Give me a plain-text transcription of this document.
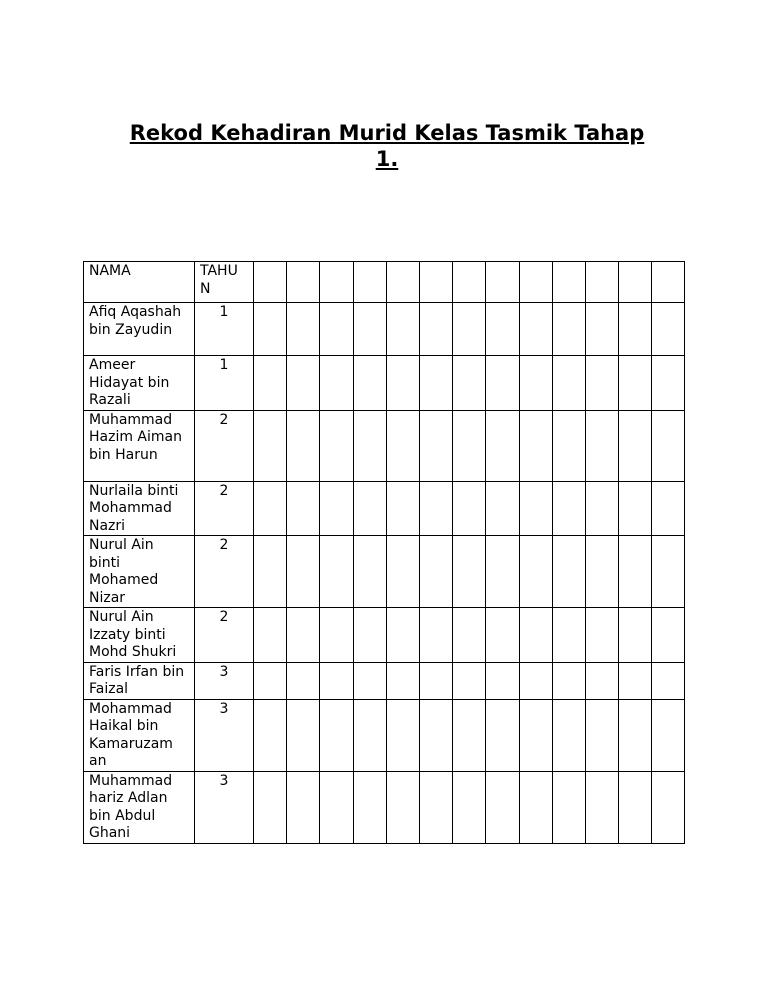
Rekod Kehadiran Murid Kelas Tasmik Tahap
1.
NAMA	TAHU
N													
Afiq Aqashah bin Zayudin	1													
Ameer Hidayat bin Razali	1													
Muhammad Hazim Aiman bin Harun	2													
Nurlaila binti Mohammad Nazri	2													
Nurul Ain binti Mohamed Nizar	2													
Nurul Ain Izzaty binti Mohd Shukri	2													
Faris Irfan bin Faizal	3													
Mohammad Haikal bin Kamaruzam an	3													
Muhammad hariz Adlan bin Abdul Ghani	3													
